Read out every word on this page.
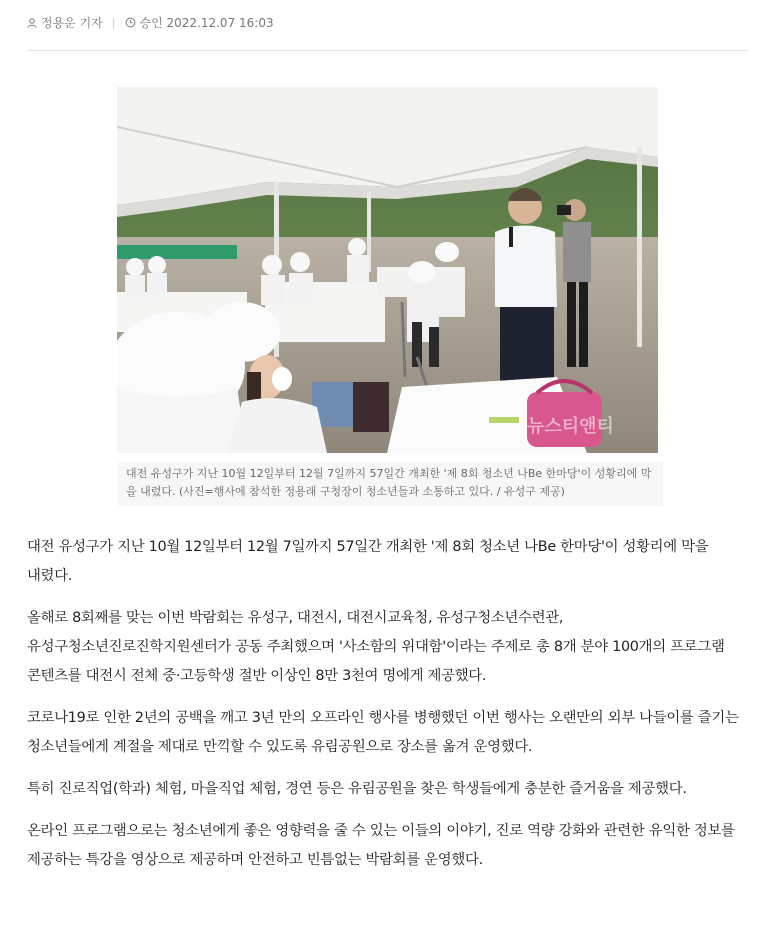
정용운 기자 | 승인 2022.12.07 16:03
뉴스티앤티
대전 유성구가 지난 10월 12일부터 12월 7일까지 57일간 개최한 '제 8회 청소년 나Be 한마당'이 성황리에 막을 내렸다. (사진=행사에 참석한 정용래 구청장이 청소년들과 소통하고 있다. / 유성구 제공)

대전 유성구가 지난 10월 12일부터 12월 7일까지 57일간 개최한 '제 8회 청소년 나Be 한마당'이 성황리에 막을 내렸다.

올해로 8회째를 맞는 이번 박람회는 유성구, 대전시, 대전시교육청, 유성구청소년수련관, 유성구청소년진로진학지원센터가 공동 주최했으며 '사소함의 위대함'이라는 주제로 총 8개 분야 100개의 프로그램 콘텐츠를 대전시 전체 중·고등학생 절반 이상인 8만 3천여 명에게 제공했다.

코로나19로 인한 2년의 공백을 깨고 3년 만의 오프라인 행사를 병행했던 이번 행사는 오랜만의 외부 나들이를 즐기는 청소년들에게 계절을 제대로 만끽할 수 있도록 유림공원으로 장소를 옮겨 운영했다.

특히 진로직업(학과) 체험, 마을직업 체험, 경연 등은 유림공원을 찾은 학생들에게 충분한 즐거움을 제공했다.

온라인 프로그램으로는 청소년에게 좋은 영향력을 줄 수 있는 이들의 이야기, 진로 역량 강화와 관련한 유익한 정보를 제공하는 특강을 영상으로 제공하며 안전하고 빈틈없는 박람회를 운영했다.
